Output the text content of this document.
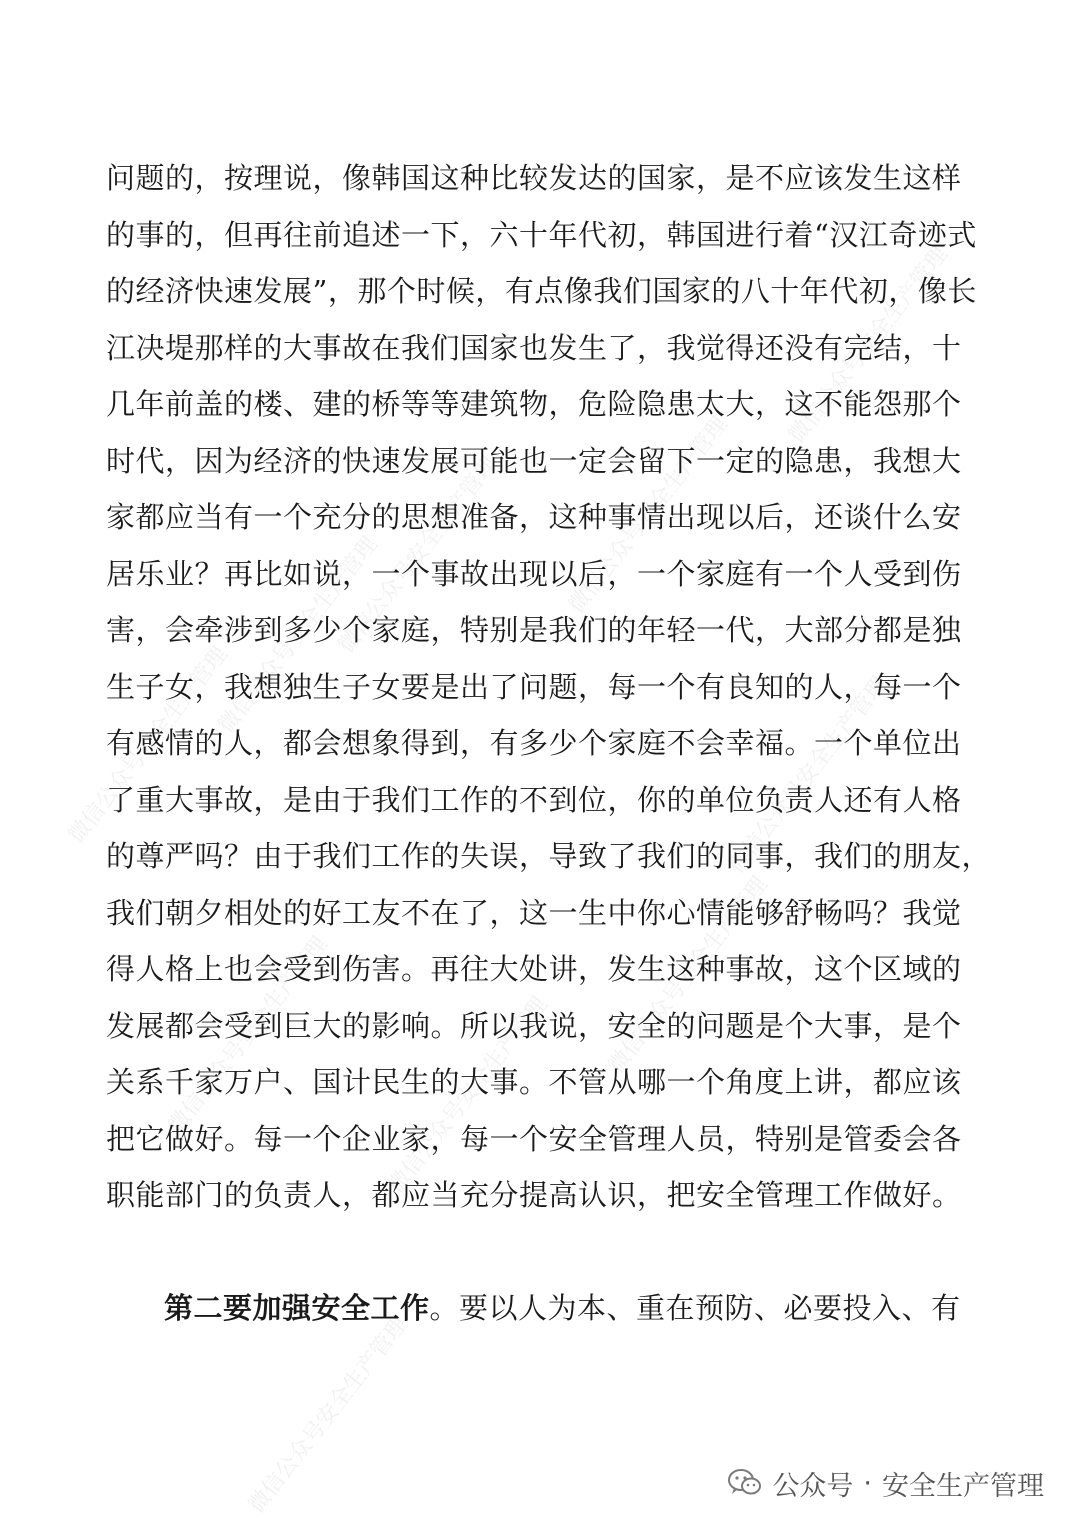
微信公众号安全生产管理
微信公众号安全生产管理
微信公众号安全生产管理
微信公众号安全生产管理 微信公众号安全生产管理
微信公众号安全生产管理
微信公众号安全生产管理
微信公众号安全生产管理
微信公众号安全生产管理
微信公众号安全生产管理
问题的，按理说，像韩国这种比较发达的国家，是不应该发生这样
的事的，但再往前追述一下，六十年代初，韩国进行着“汉江奇迹式
的经济快速发展”，那个时候，有点像我们国家的八十年代初，像长
江决堤那样的大事故在我们国家也发生了，我觉得还没有完结，十
几年前盖的楼、建的桥等等建筑物，危险隐患太大，这不能怨那个
时代，因为经济的快速发展可能也一定会留下一定的隐患，我想大
家都应当有一个充分的思想准备，这种事情出现以后，还谈什么安
居乐业？再比如说，一个事故出现以后，一个家庭有一个人受到伤
害，会牵涉到多少个家庭，特别是我们的年轻一代，大部分都是独
生子女，我想独生子女要是出了问题，每一个有良知的人，每一个
有感情的人，都会想象得到，有多少个家庭不会幸福。一个单位出
了重大事故，是由于我们工作的不到位，你的单位负责人还有人格
的尊严吗？由于我们工作的失误，导致了我们的同事，我们的朋友，
我们朝夕相处的好工友不在了，这一生中你心情能够舒畅吗？我觉
得人格上也会受到伤害。再往大处讲，发生这种事故，这个区域的
发展都会受到巨大的影响。所以我说，安全的问题是个大事，是个
关系千家万户、国计民生的大事。不管从哪一个角度上讲，都应该
把它做好。每一个企业家，每一个安全管理人员，特别是管委会各
职能部门的负责人，都应当充分提高认识，把安全管理工作做好。
第二要加强安全工作。要以人为本、重在预防、必要投入、有
公众号 · 安全生产管理
